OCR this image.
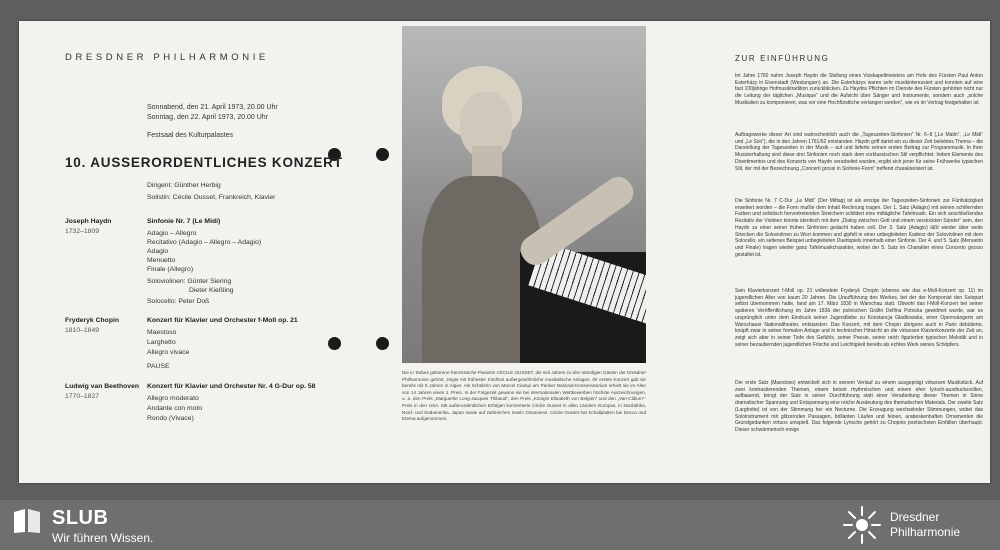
DRESDNER PHILHARMONIE
Sonnabend, den 21. April 1973, 20.00 Uhr
Sonntag, den 22. April 1973, 20.00 Uhr
Festsaal des Kulturpalastes
10. AUSSERORDENTLICHES KONZERT
Dirigent: Günther Herbig
Solistin: Cécile Ousset, Frankreich, Klavier
Joseph Haydn
1732–1809
Sinfonie Nr. 7 (Le Midi)
Adagio – Allegro
Recitativo (Adagio – Allegro – Adagio)
Adagio
Menuetto
Finale (Allegro)
Soloviolinen: Günter Siering
Dieter Kießling
Solocello: Peter Doß
Fryderyk Chopin
1810–1849
Konzert für Klavier und Orchester f-Moll op. 21
Maestoso
Larghetto
Allegro vivace
PAUSE
Ludwig van Beethoven
1770–1827
Konzert für Klavier und Orchester Nr. 4 G-Dur op. 58
Allegro moderato
Andante con moto
Rondo (Vivace)
Die in Tarbes geborene französische Pianistin CÉCILE OUSSET, die seit Jahren zu den ständigen Gästen der Dresdner Philharmonie gehört, zeigte mit frühester Kindheit außergewöhnliche musikalische Anlagen. Ihr erstes Konzert gab sie bereits mit 5 Jahren in Algier. Als Schülerin von Marcel Ciampi am Pariser National-Konservatorium erhielt sie im Alter von 14 Jahren einen 1. Preis. In der Folgezeit gewann sie bei internationalen Wettbewerben höchste Auszeichnungen, u. a. den Preis „Marguerite Long-Jacques Thibaud“, den Preis „Königin Elisabeth von Belgien“ und den „Van-Cliburn“-Preis in den USA. Mit außerordentlichen Erfolgen konzertierte Cécile Ousset in allen Ländern Europas, in Nordafrika, Nord- und Südamerika, Japan sowie auf zahlreichen Inseln Ozeaniens. Cécile Ousset hat Schallplatten bei Decca und Eterna aufgenommen.
ZUR EINFÜHRUNG
Im Jahre 1760 nahm Joseph Haydn die Stellung eines Vizekapellmeisters am Hofe des Fürsten Paul Anton Esterházy in Eisenstadt (Westungarn) an. Die Esterházys waren sehr musikinteressiert und konnten auf eine fast 100jährige Hofmusiktradition zurückblicken. Zu Haydns Pflichten im Dienste des Fürsten gehörten nicht nur die Leitung der täglichen „Musique“ und die Aufsicht über Sänger und Instrumente, sondern auch „solche Musikalien zu komponieren, was vor eine Hochfürstliche verlangen werden“, wie es im Vertrag festgehalten ist.
Auftragswerke dieser Art sind wahrscheinlich auch die „Tageszeiten-Sinfonien“ Nr. 6–8 („Le Matin“, „Le Midi“ und „Le Soir“), die in den Jahren 1761/62 entstanden. Haydn griff damit ein zu dieser Zeit beliebtes Thema – die Darstellung der Tageszeiten in der Musik – auf und lieferte seinen ersten Beitrag zur Programmusik. In ihrer Musizierhaltung sind diese drei Sinfonien noch stark dem vorklassischen Stil verpflichtet. Indem Elemente des Divertimentos und des Konzerts von Haydn verarbeitet wurden, ergibt sich jener für seine Frühwerke typischen Stil, der mit der Bezeichnung „Concerti grossi in Sinfonie-Form“ treffend charakterisiert ist.
Die Sinfonie Nr. 7 C-Dur „Le Midi“ (Der Mittag) ist als einzige der Tageszeiten-Sinfonien zur Fünfsätzigkeit erweitert worden – die Form mußte dem Inhalt Rechnung tragen. Der 1. Satz (Adagio) mit seinen schillernden Farben und solistisch hervortretenden Streichern schildert eine mittägliche Tafelmusik. Ein sich anschließendes Rezitativ der Violinen könnte identisch mit dem „Dialog zwischen Gott und einem verstockten Sünder“ sein, den Haydn zu einer seiner frühen Sinfonien gedacht haben soll. Der 3. Satz (Adagio) läßt wieder über weite Strecken die Soloviolinen zu Wort kommen und gipfelt in einer unbegleiteten Kadenz der Soloviolinen mit dem Solocello, ein seltenes Beispiel unbegleiteten Duettspiels innerhalb einer Sinfonie. Der 4. und 5. Satz (Menuetto und Finale) tragen wieder ganz Tafelmusikcharakter, wobei der 5. Satz im Charakter eines Concerto grosso gestaltet ist.
Sein Klavierkonzert f-Moll op. 21 vollendete Fryderyk Chopin (ebenso wie das e-Moll-Konzert op. 11) im jugendlichen Alter von kaum 20 Jahren. Die Uraufführung des Werkes, bei der der Komponist den Solopart selbst übernommen hatte, fand am 17. März 1830 in Warschau statt. Obwohl das f-Moll-Konzert bei seiner späteren Veröffentlichung im Jahre 1836 der polnischen Gräfin Delfina Potocka gewidmet wurde, war es ursprünglich unter dem Eindruck seiner Jugendliebe zu Konstancja Gładkowska, einer Opernsängerin am Warschauer Nationaltheater, entstanden. Das Konzert, mit dem Chopin übrigens auch in Paris debütierte, knüpft zwar in seiner formalen Anlage und in technischer Hinsicht an die virtuosen Klavierkonzerte der Zeit an, zeigt sich aber in seiner Tiefe des Gefühls, seiner Poesie, seiner reich figurierten typischen Melodik und in seiner bezaubernden jugendlichen Frische und Leichtigkeit bereits als echtes Werk seines Schöpfers.
Der erste Satz (Maestoso) entwickelt sich in seinem Verlauf zu einem ausgeprägt virtuosen Musikstück. Auf zwei kontrastierenden Themen, einem betont rhythmischen und einem eher lyrisch-ausdrucksvollen, aufbauend, bringt der Satz in seiner Durchführung statt einer Verarbeitung dieser Themen in Sinne dramatischer Spannung und Entspannung eine reiche Ausdeutung des thematischen Materials. Der zweite Satz (Larghetto) ist von der Stimmung her ein Nocturne. Die Erzeugung wechselnder Stimmungen, wobei das Soloinstrument mit glitzernden Passagen, brillanten Läufen und feinen, arabeskenhaften Ornamenten die Grundgedanken virtuos umspielt. Das folgende Lyrische gehört zu Chopins poetischsten Einfällen überhaupt. Dieser schwärmerisch-innige
SLUB
Wir führen Wissen.
Dresdner
Philharmonie
